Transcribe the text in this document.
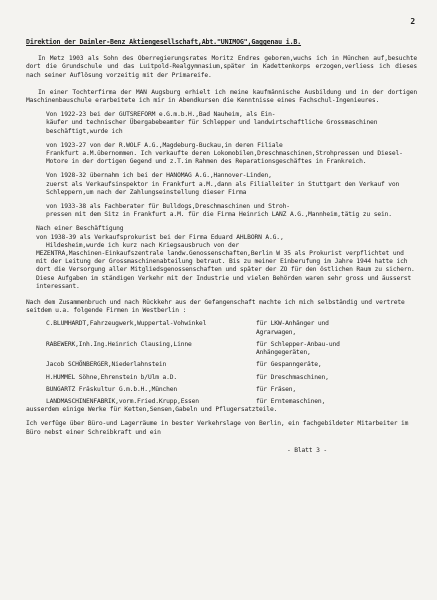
2
Direktion der Daimler-Benz Aktiengesellschaft,Abt."UNIMOG",Gaggenau i.B.

In Metz 1903 als Sohn des Oberregierungsrates Moritz Endres geboren,wuchs ich in München auf,besuchte dort die Grundschule und das Luitpold-Realgymnasium,später im Kadettenkorps erzogen,verliess ich dieses nach seiner Auflösung vorzeitig mit der Primareife.

In einer Tochterfirma der MAN Augsburg erhielt ich meine kaufmännische Ausbildung und in der dortigen Maschinenbauschule erarbeitete ich mir in Abendkursen die Kenntnisse eines Fachschul-Ingenieures.

Von 1922-23 bei der GUTSREFORM e.G.m.b.H.,Bad Nauheim, als Ein-
käufer und technischer Übergabebeamter für Schlepper und landwirtschaftliche Grossmaschinen beschäftigt,wurde ich
von 1923-27 von der R.WOLF A.G.,Magdeburg-Buckau,in deren Filiale
Frankfurt a.M.übernommen. Ich verkaufte deren Lokomobilen,Dreschmaschinen,Strohpressen und Diesel-Motore in der dortigen Gegend und z.T.im Rahmen des Reparationsgeschäftes in Frankreich.
Von 1928-32 übernahm ich bei der HANOMAG A.G.,Hannover-Linden,
zuerst als Verkaufsinspektor in Frankfurt a.M.,dann als Filialleiter in Stuttgart den Verkauf von Schleppern,um nach der Zahlungseinstellung dieser Firma
von 1933-38 als Fachberater für Bulldogs,Dreschmaschinen und Stroh-
pressen mit dem Sitz in Frankfurt a.M. für die Firma Heinrich LANZ A.G.,Mannheim,tätig zu sein.
Nach einer Beschäftigung
von 1938-39 als Verkaufsprokurist bei der Firma Eduard AHLBORN A.G.,
Hildesheim,wurde ich kurz nach Kriegsausbruch von der
MEZENTRA,Maschinen-Einkaufszentrale landw.Genossenschaften,Berlin W 35 als Prokurist verpflichtet und mit der Leitung der Grossmaschinenabteilung betraut. Bis zu meiner Einberufung im Jahre 1944 hatte ich dort die Versorgung aller Mitgliedsgenossenschaften und später der ZO für den östlichen Raum zu sichern. Diese Aufgaben im ständigen Verkehr mit der Industrie und vielen Behörden waren sehr gross und äusserst interessant.

Nach dem Zusammenbruch und nach Rückkehr aus der Gefangenschaft machte ich mich selbständig und vertrete seitdem u.a. folgende Firmen in Westberlin :

C.BLUMHARDT,Fahrzeugwerk,Wuppertal-Vohwinkel	für LKW-Anhänger und
Agrarwagen,
RABEWERK,Inh.Ing.Heinrich Clausing,Linne	für Schlepper-Anbau-und
Anhängegeräten,
Jacob SCHÖNBERGER,Niederlahnstein	für Gespanngeräte,
H.HUMMEL Söhne,Ehrenstein b/Ulm a.D.	für Dreschmaschinen,
BUNGARTZ Fräskultur G.m.b.H.,München	für Fräsen,
LANDMASCHINENFABRIK,vorm.Fried.Krupp,Essen	für Erntemaschinen,

ausserdem einige Werke für Ketten,Sensen,Gabeln und Pflugersatzteile.

Ich verfüge über Büro-und Lagerräume in bester Verkehrslage von Berlin, ein fachgebildeter Mitarbeiter im Büro nebst einer Schreibkraft und ein

- Blatt 3 -
